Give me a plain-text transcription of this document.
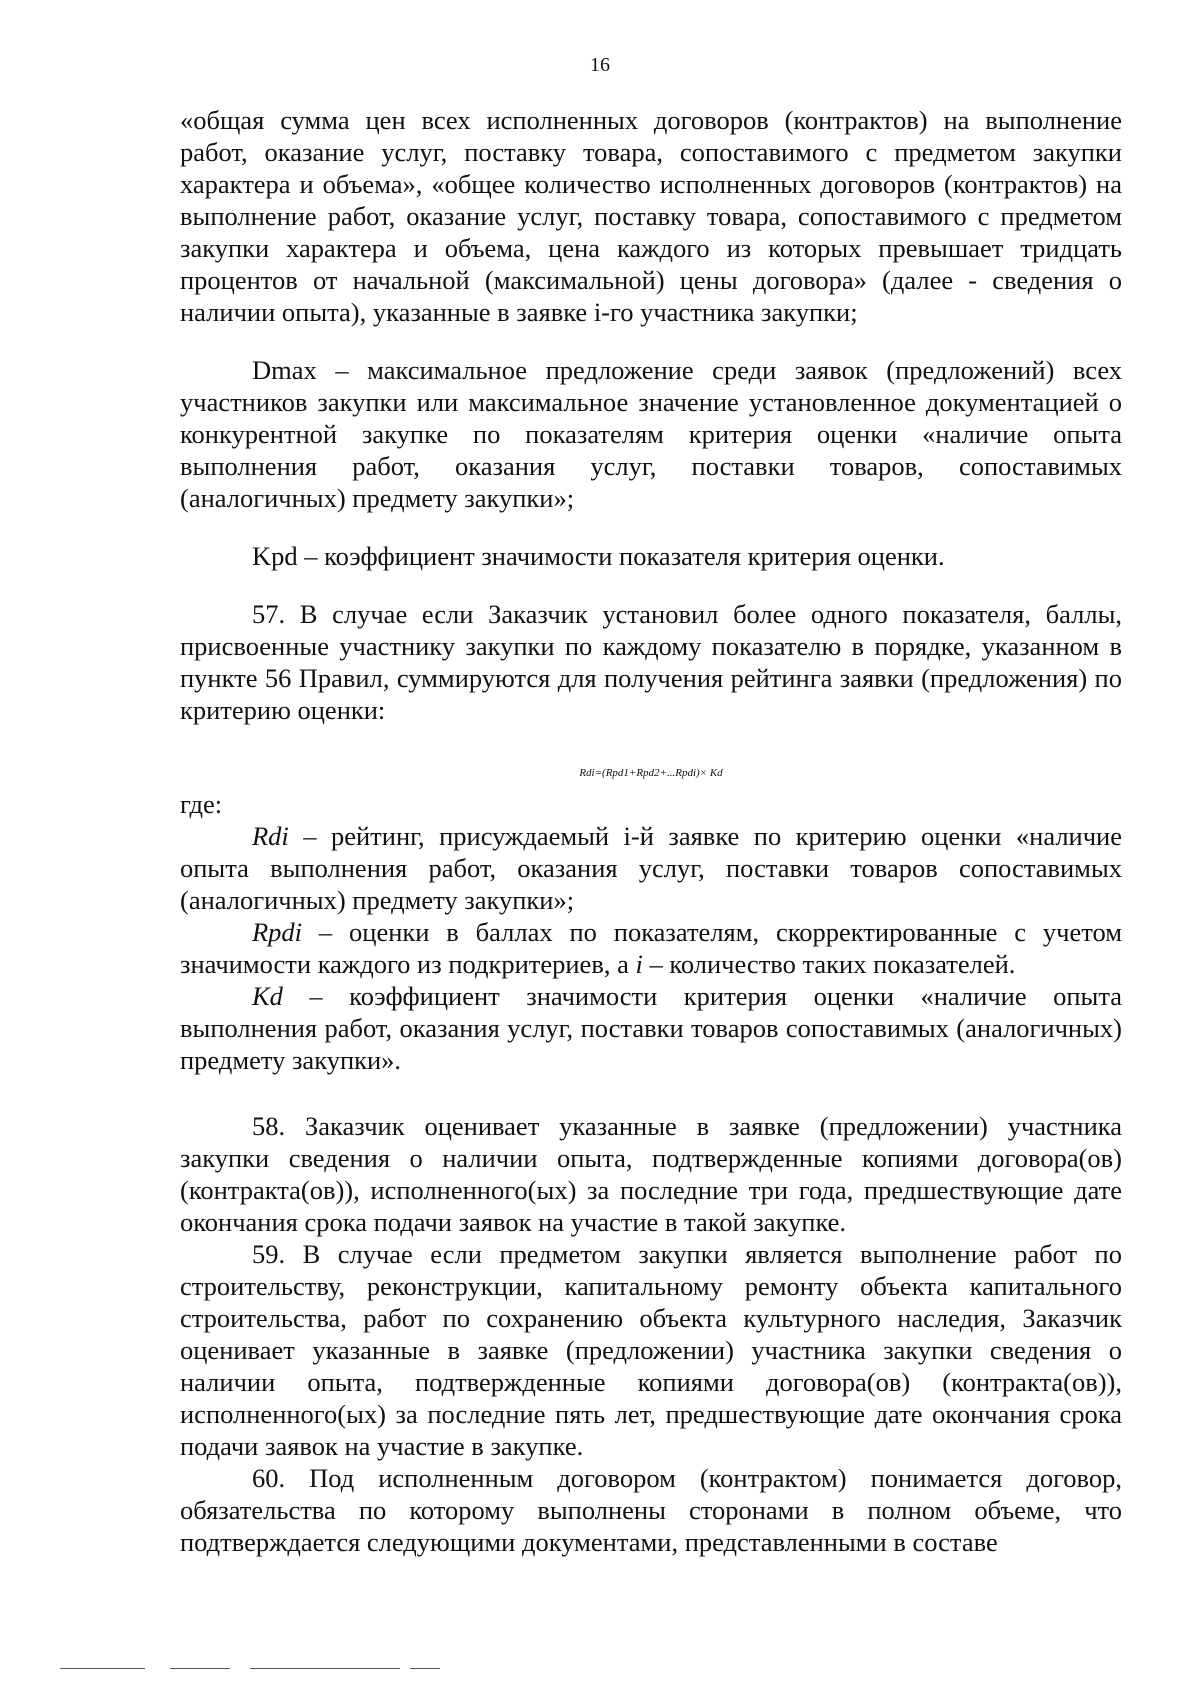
16

«общая сумма цен всех исполненных договоров (контрактов) на выполнение работ, оказание услуг, поставку товара, сопоставимого с предметом закупки характера и объема», «общее количество исполненных договоров (контрактов) на выполнение работ, оказание услуг, поставку товара, сопоставимого с предметом закупки характера и объема, цена каждого из которых превышает тридцать процентов от начальной (максимальной) цены договора» (далее - сведения о наличии опыта), указанные в заявке i-го участника закупки;

Dmax – максимальное предложение среди заявок (предложений) всех участников закупки или максимальное значение установленное документацией о конкурентной закупке по показателям критерия оценки «наличие опыта выполнения работ, оказания услуг, поставки товаров, сопоставимых (аналогичных) предмету закупки»;

Kpd – коэффициент значимости показателя критерия оценки.

57. В случае если Заказчик установил более одного показателя, баллы, присвоенные участнику закупки по каждому показателю в порядке, указанном в пункте 56 Правил, суммируются для получения рейтинга заявки (предложения) по критерию оценки:

Rdi=(Rpd1+Rpd2+...Rpdi)× Kd

где:

Rdi – рейтинг, присуждаемый i-й заявке по критерию оценки «наличие опыта выполнения работ, оказания услуг, поставки товаров сопоставимых (аналогичных) предмету закупки»;

Rpdi – оценки в баллах по показателям, скорректированные с учетом значимости каждого из подкритериев, а i – количество таких показателей.

Kd – коэффициент значимости критерия оценки «наличие опыта выполнения работ, оказания услуг, поставки товаров сопоставимых (аналогичных) предмету закупки».

58. Заказчик оценивает указанные в заявке (предложении) участника закупки сведения о наличии опыта, подтвержденные копиями договора(ов) (контракта(ов)), исполненного(ых) за последние три года, предшествующие дате окончания срока подачи заявок на участие в такой закупке.

59. В случае если предметом закупки является выполнение работ по строительству, реконструкции, капитальному ремонту объекта капитального строительства, работ по сохранению объекта культурного наследия, Заказчик оценивает указанные в заявке (предложении) участника закупки сведения о наличии опыта, подтвержденные копиями договора(ов) (контракта(ов)), исполненного(ых) за последние пять лет, предшествующие дате окончания срока подачи заявок на участие в закупке.

60. Под исполненным договором (контрактом) понимается договор, обязательства по которому выполнены сторонами в полном объеме, что подтверждается следующими документами, представленными в составе
